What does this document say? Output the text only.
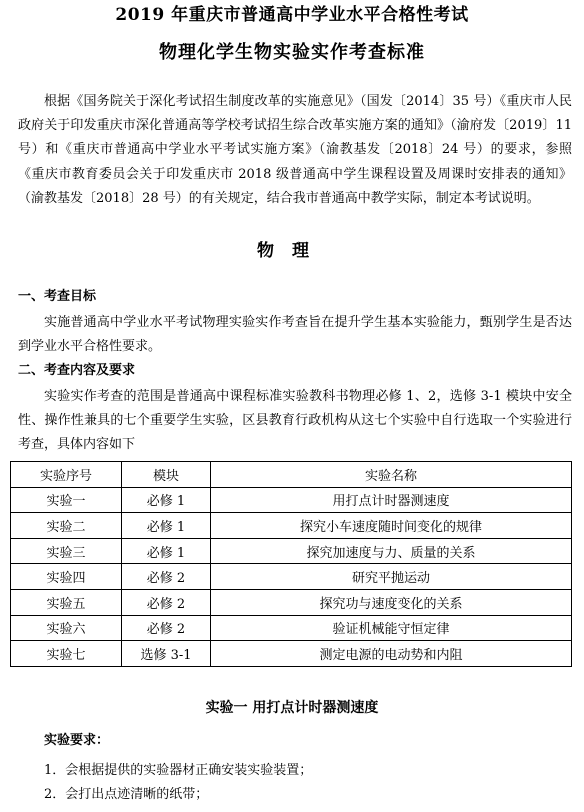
2019 年重庆市普通高中学业水平合格性考试
物理化学生物实验实作考查标准
根据《国务院关于深化考试招生制度改革的实施意见》（国发〔2014〕35 号）《重庆市人民政府关于印发重庆市深化普通高等学校考试招生综合改革实施方案的通知》（渝府发〔2019〕11 号）和《重庆市普通高中学业水平考试实施方案》（渝教基发〔2018〕24 号）的要求，参照《重庆市教育委员会关于印发重庆市 2018 级普通高中学生课程设置及周课时安排表的通知》（渝教基发〔2018〕28 号）的有关规定，结合我市普通高中教学实际，制定本考试说明。
物理
一、考查目标
实施普通高中学业水平考试物理实验实作考查旨在提升学生基本实验能力，甄别学生是否达到学业水平合格性要求。
二、考查内容及要求
实验实作考查的范围是普通高中课程标准实验教科书物理必修 1、2，选修 3-1 模块中安全性、操作性兼具的七个重要学生实验，区县教育行政机构从这七个实验中自行选取一个实验进行考查，具体内容如下
实验序号	模块	实验名称
实验一	必修 1	用打点计时器测速度
实验二	必修 1	探究小车速度随时间变化的规律
实验三	必修 1	探究加速度与力、质量的关系
实验四	必修 2	研究平抛运动
实验五	必修 2	探究功与速度变化的关系
实验六	必修 2	验证机械能守恒定律
实验七	选修 3-1	测定电源的电动势和内阻
实验一 用打点计时器测速度
实验要求：
1．会根据提供的实验器材正确安装实验装置；
2．会打出点迹清晰的纸带；
